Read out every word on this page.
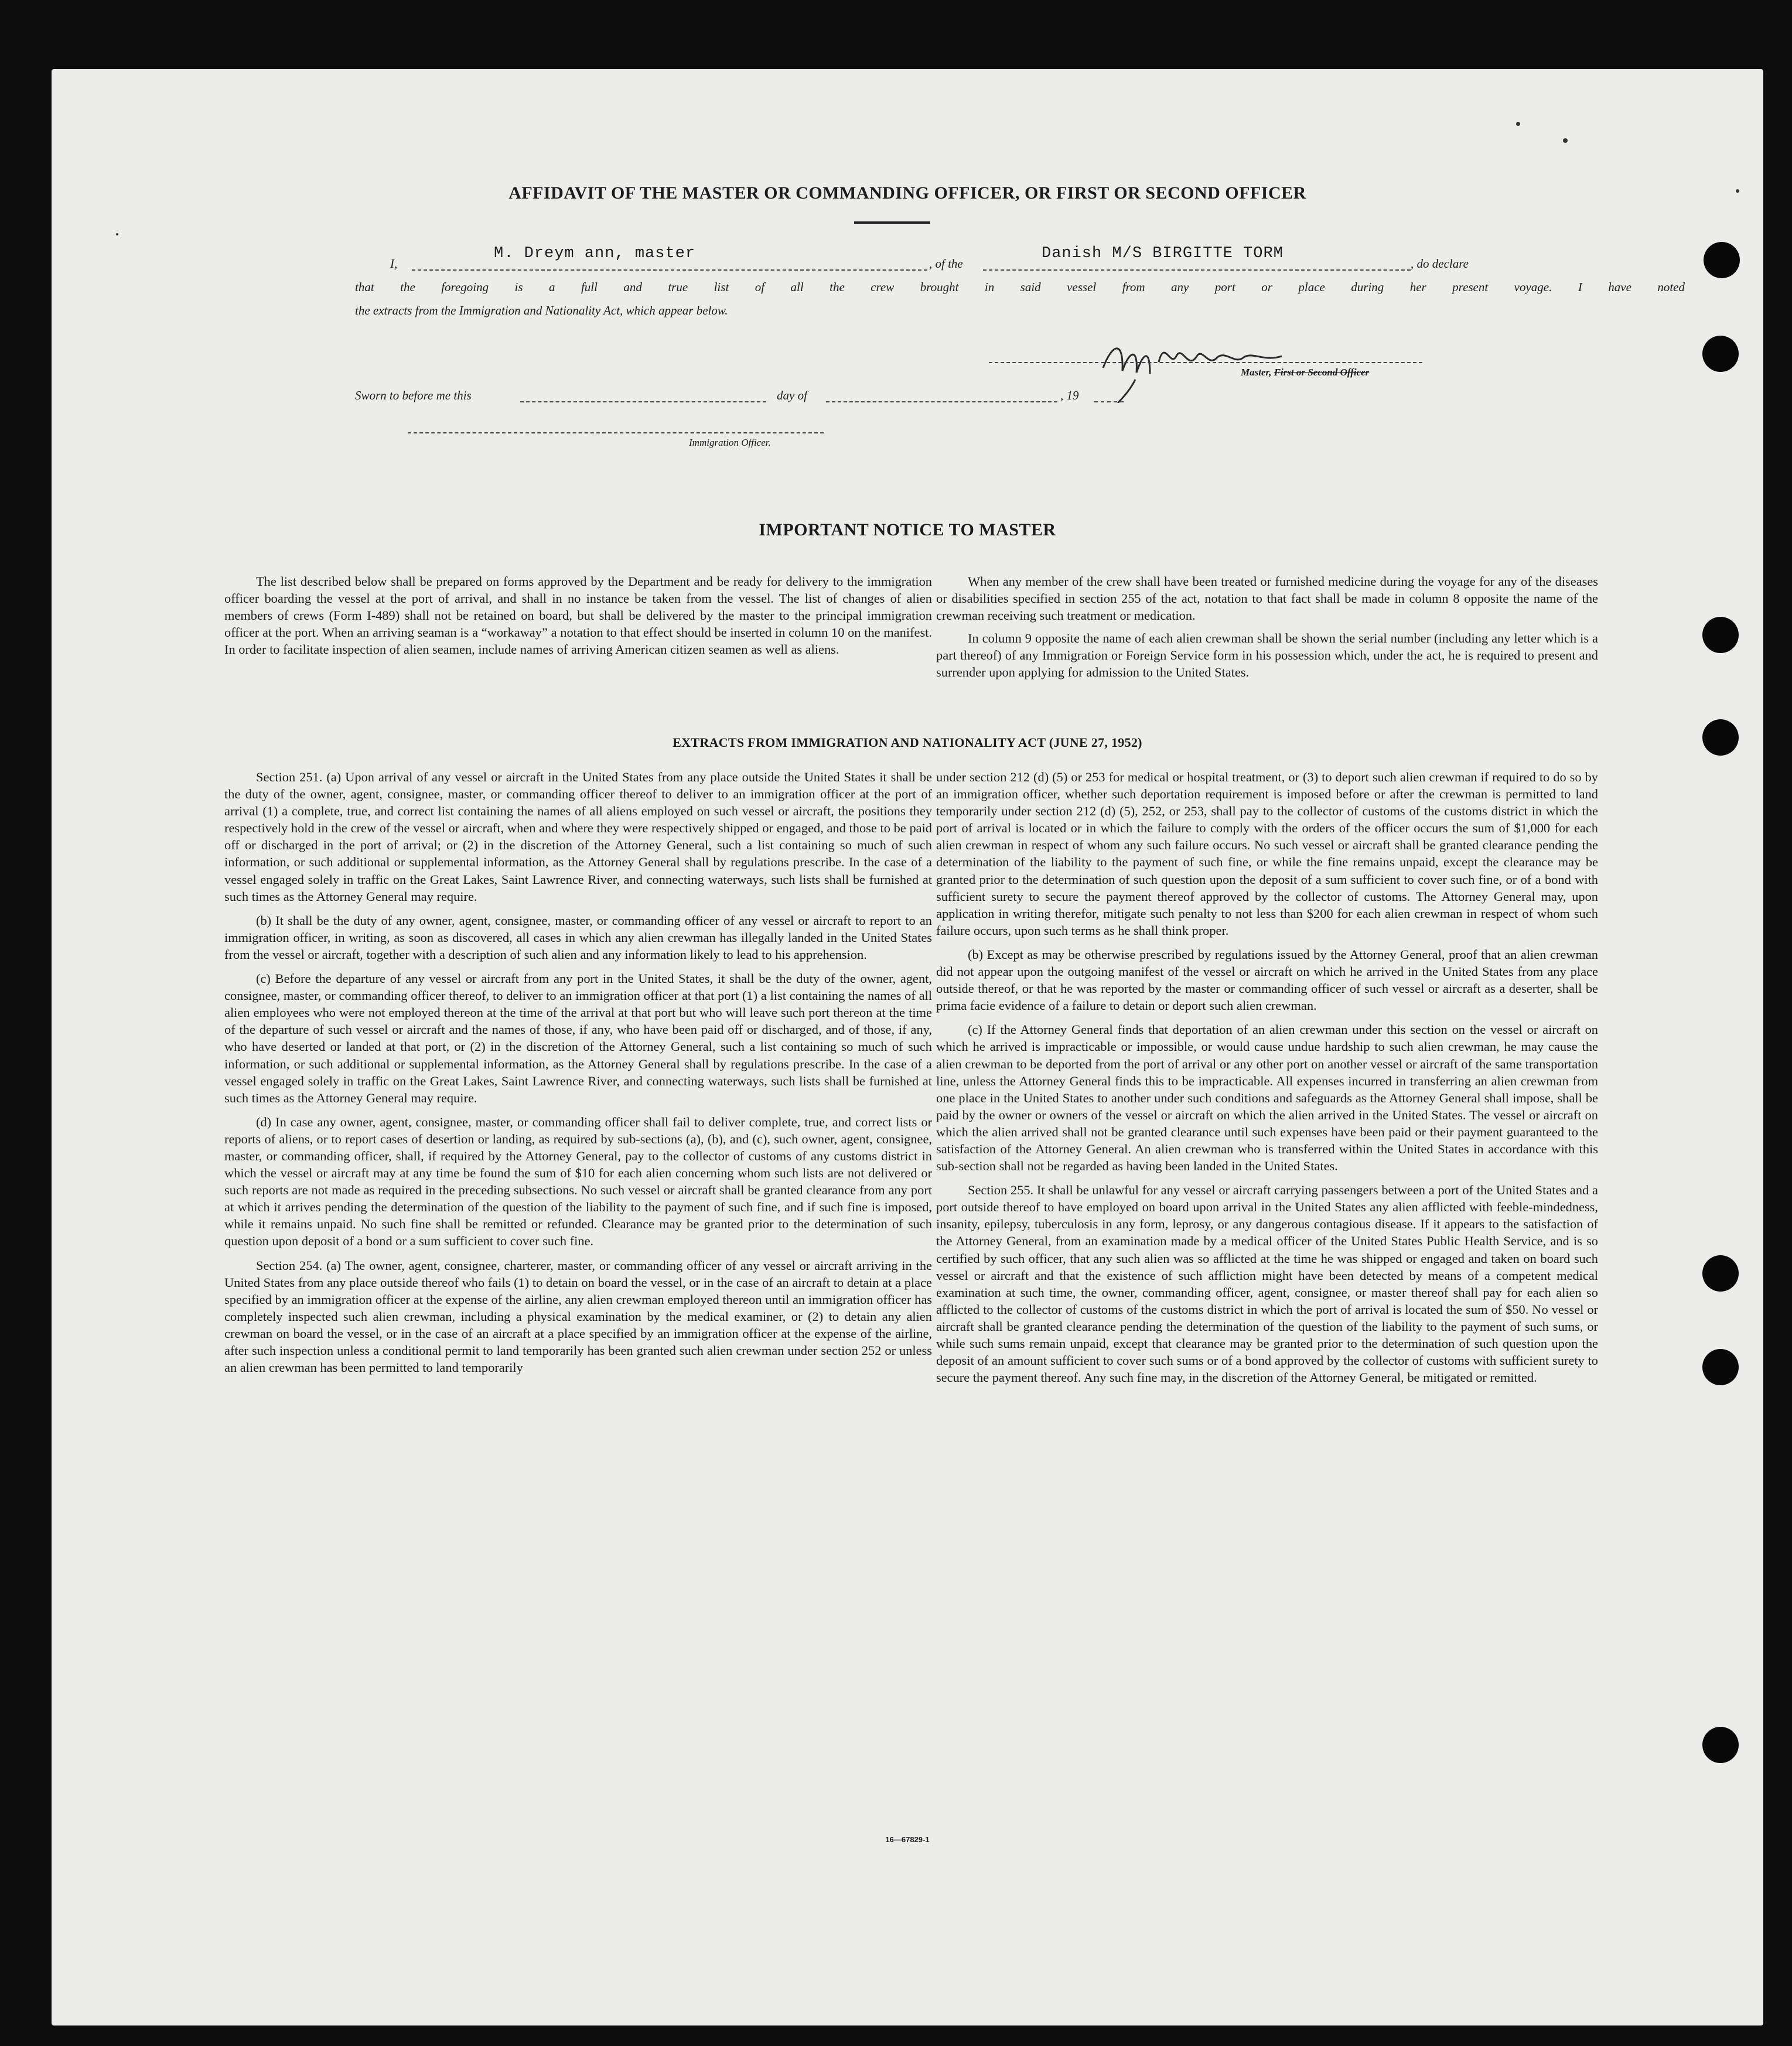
AFFIDAVIT OF THE MASTER OR COMMANDING OFFICER, OR FIRST OR SECOND OFFICER
I,
M. Dreym ann, master
, of the
Danish M/S BIRGITTE TORM
, do declare
that the foregoing is a full and true list of all the crew brought in said vessel from any port or place during her present voyage. I have noted
the extracts from the Immigration and Nationality Act, which appear below.
Master, First or Second Officer
Sworn to before me this	day of	, 19
Immigration Officer.
IMPORTANT NOTICE TO MASTER

The list described below shall be prepared on forms approved by the Department and be ready for delivery to the immigration officer boarding the vessel at the port of arrival, and shall in no instance be taken from the vessel. The list of changes of alien members of crews (Form I-489) shall not be retained on board, but shall be delivered by the master to the principal immigration officer at the port. When an arriving seaman is a “workaway” a notation to that effect should be inserted in column 10 on the manifest. In order to facilitate inspection of alien seamen, include names of arriving American citizen seamen as well as aliens.

When any member of the crew shall have been treated or furnished medicine during the voyage for any of the diseases or disabilities specified in section 255 of the act, notation to that fact shall be made in column 8 opposite the name of the crewman receiving such treatment or medication.

In column 9 opposite the name of each alien crewman shall be shown the serial number (including any letter which is a part thereof) of any Immigration or Foreign Service form in his possession which, under the act, he is required to present and surrender upon applying for admission to the United States.

EXTRACTS FROM IMMIGRATION AND NATIONALITY ACT (JUNE 27, 1952)

Section 251. (a) Upon arrival of any vessel or aircraft in the United States from any place outside the United States it shall be the duty of the owner, agent, consignee, master, or commanding officer thereof to deliver to an immigration officer at the port of arrival (1) a complete, true, and correct list containing the names of all aliens employed on such vessel or aircraft, the positions they respectively hold in the crew of the vessel or aircraft, when and where they were respectively shipped or engaged, and those to be paid off or discharged in the port of arrival; or (2) in the discretion of the Attorney General, such a list containing so much of such information, or such additional or supplemental information, as the Attorney General shall by regulations prescribe. In the case of a vessel engaged solely in traffic on the Great Lakes, Saint Lawrence River, and connecting waterways, such lists shall be furnished at such times as the Attorney General may require.

(b) It shall be the duty of any owner, agent, consignee, master, or commanding officer of any vessel or aircraft to report to an immigration officer, in writing, as soon as discovered, all cases in which any alien crewman has illegally landed in the United States from the vessel or aircraft, together with a description of such alien and any information likely to lead to his apprehension.

(c) Before the departure of any vessel or aircraft from any port in the United States, it shall be the duty of the owner, agent, consignee, master, or commanding officer thereof, to deliver to an immigration officer at that port (1) a list containing the names of all alien employees who were not employed thereon at the time of the arrival at that port but who will leave such port thereon at the time of the departure of such vessel or aircraft and the names of those, if any, who have been paid off or discharged, and of those, if any, who have deserted or landed at that port, or (2) in the discretion of the Attorney General, such a list containing so much of such information, or such additional or supplemental information, as the Attorney General shall by regulations prescribe. In the case of a vessel engaged solely in traffic on the Great Lakes, Saint Lawrence River, and connecting waterways, such lists shall be furnished at such times as the Attorney General may require.

(d) In case any owner, agent, consignee, master, or commanding officer shall fail to deliver complete, true, and correct lists or reports of aliens, or to report cases of desertion or landing, as required by sub-sections (a), (b), and (c), such owner, agent, consignee, master, or commanding officer, shall, if required by the Attorney General, pay to the collector of customs of any customs district in which the vessel or aircraft may at any time be found the sum of $10 for each alien concerning whom such lists are not delivered or such reports are not made as required in the preceding subsections. No such vessel or aircraft shall be granted clearance from any port at which it arrives pending the determination of the question of the liability to the payment of such fine, and if such fine is imposed, while it remains unpaid. No such fine shall be remitted or refunded. Clearance may be granted prior to the determination of such question upon deposit of a bond or a sum sufficient to cover such fine.

Section 254. (a) The owner, agent, consignee, charterer, master, or commanding officer of any vessel or aircraft arriving in the United States from any place outside thereof who fails (1) to detain on board the vessel, or in the case of an aircraft to detain at a place specified by an immigration officer at the expense of the airline, any alien crewman employed thereon until an immigration officer has completely inspected such alien crewman, including a physical examination by the medical examiner, or (2) to detain any alien crewman on board the vessel, or in the case of an aircraft at a place specified by an immigration officer at the expense of the airline, after such inspection unless a conditional permit to land temporarily has been granted such alien crewman under section 252 or unless an alien crewman has been permitted to land temporarily

under section 212 (d) (5) or 253 for medical or hospital treatment, or (3) to deport such alien crewman if required to do so by an immigration officer, whether such deportation requirement is imposed before or after the crewman is permitted to land temporarily under section 212 (d) (5), 252, or 253, shall pay to the collector of customs of the customs district in which the port of arrival is located or in which the failure to comply with the orders of the officer occurs the sum of $1,000 for each alien crewman in respect of whom any such failure occurs. No such vessel or aircraft shall be granted clearance pending the determination of the liability to the payment of such fine, or while the fine remains unpaid, except the clearance may be granted prior to the determination of such question upon the deposit of a sum sufficient to cover such fine, or of a bond with sufficient surety to secure the payment thereof approved by the collector of customs. The Attorney General may, upon application in writing therefor, mitigate such penalty to not less than $200 for each alien crewman in respect of whom such failure occurs, upon such terms as he shall think proper.

(b) Except as may be otherwise prescribed by regulations issued by the Attorney General, proof that an alien crewman did not appear upon the outgoing manifest of the vessel or aircraft on which he arrived in the United States from any place outside thereof, or that he was reported by the master or commanding officer of such vessel or aircraft as a deserter, shall be prima facie evidence of a failure to detain or deport such alien crewman.

(c) If the Attorney General finds that deportation of an alien crewman under this section on the vessel or aircraft on which he arrived is impracticable or impossible, or would cause undue hardship to such alien crewman, he may cause the alien crewman to be deported from the port of arrival or any other port on another vessel or aircraft of the same transportation line, unless the Attorney General finds this to be impracticable. All expenses incurred in transferring an alien crewman from one place in the United States to another under such conditions and safeguards as the Attorney General shall impose, shall be paid by the owner or owners of the vessel or aircraft on which the alien arrived in the United States. The vessel or aircraft on which the alien arrived shall not be granted clearance until such expenses have been paid or their payment guaranteed to the satisfaction of the Attorney General. An alien crewman who is transferred within the United States in accordance with this sub-section shall not be regarded as having been landed in the United States.

Section 255. It shall be unlawful for any vessel or aircraft carrying passengers between a port of the United States and a port outside thereof to have employed on board upon arrival in the United States any alien afflicted with feeble-mindedness, insanity, epilepsy, tuberculosis in any form, leprosy, or any dangerous contagious disease. If it appears to the satisfaction of the Attorney General, from an examination made by a medical officer of the United States Public Health Service, and is so certified by such officer, that any such alien was so afflicted at the time he was shipped or engaged and taken on board such vessel or aircraft and that the existence of such affliction might have been detected by means of a competent medical examination at such time, the owner, commanding officer, agent, consignee, or master thereof shall pay for each alien so afflicted to the collector of customs of the customs district in which the port of arrival is located the sum of $50. No vessel or aircraft shall be granted clearance pending the determination of the question of the liability to the payment of such sums, or while such sums remain unpaid, except that clearance may be granted prior to the determination of such question upon the deposit of an amount sufficient to cover such sums or of a bond approved by the collector of customs with sufficient surety to secure the payment thereof. Any such fine may, in the discretion of the Attorney General, be mitigated or remitted.

16—67829-1
